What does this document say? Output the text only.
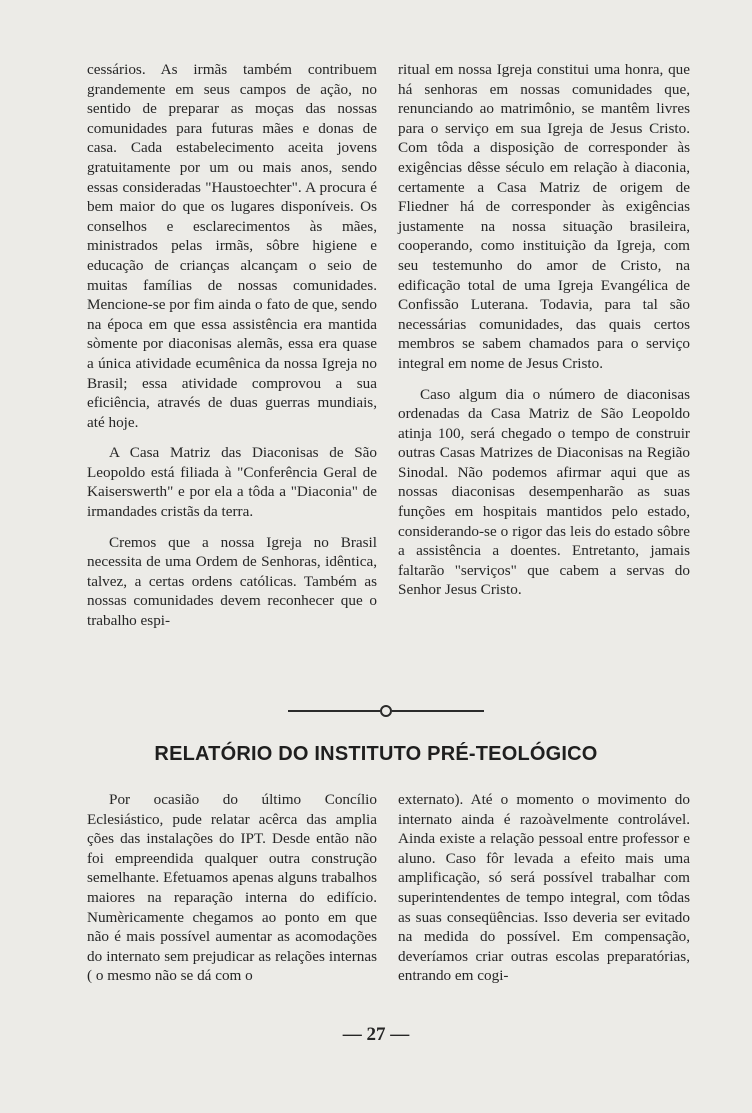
cessários. As irmãs também contribuem grandemente em seus campos de ação, no sentido de preparar as moças das nossas comunidades para futuras mães e donas de casa. Cada estabelecimento aceita jovens gratuitamente por um ou mais anos, sendo essas consideradas "Haustoechter". A procura é bem maior do que os lugares disponíveis. Os conselhos e esclarecimentos às mães, ministrados pelas irmãs, sôbre higiene e educação de crianças alcançam o seio de muitas famílias de nossas comunidades. Mencione-se por fim ainda o fato de que, sendo na época em que essa assistência era mantida sòmente por diaconisas alemãs, essa era quase a única atividade ecumênica da nossa Igreja no Brasil; essa atividade comprovou a sua eficiência, através de duas guerras mundiais, até hoje.

A Casa Matriz das Diaconisas de São Leopoldo está filiada à "Conferência Geral de Kaiserswerth" e por ela a tôda a "Diaconia" de irmandades cristãs da terra.

Cremos que a nossa Igreja no Brasil necessita de uma Ordem de Senhoras, idêntica, talvez, a certas ordens católicas. Também as nossas comunidades devem reconhecer que o trabalho espi-

ritual em nossa Igreja constitui uma honra, que há senhoras em nossas comunidades que, renunciando ao matrimônio, se mantêm livres para o serviço em sua Igreja de Jesus Cristo. Com tôda a disposição de corresponder às exigências dêsse século em relação à diaconia, certamente a Casa Matriz de origem de Fliedner há de corresponder às exigências justamente na nossa situação brasileira, cooperando, como instituição da Igreja, com seu testemunho do amor de Cristo, na edificação total de uma Igreja Evangélica de Confissão Luterana. Todavia, para tal são necessárias comunidades, das quais certos membros se sabem chamados para o serviço integral em nome de Jesus Cristo.

Caso algum dia o número de diaconisas ordenadas da Casa Matriz de São Leopoldo atinja 100, será chegado o tempo de construir outras Casas Matrizes de Diaconisas na Região Sinodal. Não podemos afirmar aqui que as nossas diaconisas desempenharão as suas funções em hospitais mantidos pelo estado, considerando-se o rigor das leis do estado sôbre a assistência a doentes. Entretanto, jamais faltarão "serviços" que cabem a servas do Senhor Jesus Cristo.

RELATÓRIO DO INSTITUTO PRÉ-TEOLÓGICO

Por ocasião do último Concílio Eclesiástico, pude relatar acêrca das amplia ções das instalações do IPT. Desde então não foi empreendida qualquer outra construção semelhante. Efetuamos apenas alguns trabalhos maiores na reparação interna do edifício. Numèricamente chegamos ao ponto em que não é mais possível aumentar as acomodações do internato sem prejudicar as relações internas ( o mesmo não se dá com o

externato). Até o momento o movimento do internato ainda é razoàvelmente controlável. Ainda existe a relação pessoal entre professor e aluno. Caso fôr levada a efeito mais uma amplificação, só será possível trabalhar com superintendentes de tempo integral, com tôdas as suas conseqüências. Isso deveria ser evitado na medida do possível. Em compensação, deveríamos criar outras escolas preparatórias, entrando em cogi-

— 27 —
